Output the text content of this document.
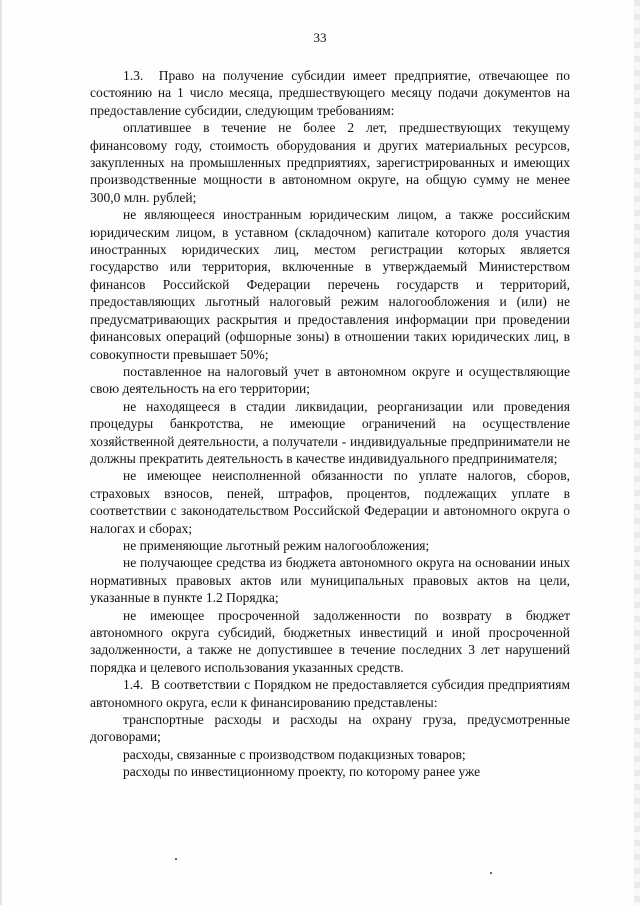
33

1.3.  Право на получение субсидии имеет предприятие, отвечающее по состоянию на 1 число месяца, предшествующего месяцу подачи документов на предоставление субсидии, следующим требованиям:

оплатившее в течение не более 2 лет, предшествующих текущему финансовому году, стоимость оборудования и других материальных ресурсов, закупленных на промышленных предприятиях, зарегистрированных и имеющих производственные мощности в автономном округе, на общую сумму не менее 300,0 млн. рублей;

не являющееся иностранным юридическим лицом, а также российским юридическим лицом, в уставном (складочном) капитале которого доля участия иностранных юридических лиц, местом регистрации которых является государство или территория, включенные в утверждаемый Министерством финансов Российской Федерации перечень государств и территорий, предоставляющих льготный налоговый режим налогообложения и (или) не предусматривающих раскрытия и предоставления информации при проведении финансовых операций (офшорные зоны) в отношении таких юридических лиц, в совокупности превышает 50%;

поставленное на налоговый учет в автономном округе и осуществляющие свою деятельность на его территории;

не находящееся в стадии ликвидации, реорганизации или проведения процедуры банкротства, не имеющие ограничений на осуществление хозяйственной деятельности, а получатели - индивидуальные предприниматели не должны прекратить деятельность в качестве индивидуального предпринимателя;

не имеющее неисполненной обязанности по уплате налогов, сборов, страховых взносов, пеней, штрафов, процентов, подлежащих уплате в соответствии с законодательством Российской Федерации и автономного округа о налогах и сборах;

не применяющие льготный режим налогообложения;

не получающее средства из бюджета автономного округа на основании иных нормативных правовых актов или муниципальных правовых актов на цели, указанные в пункте 1.2 Порядка;

не имеющее просроченной задолженности по возврату в бюджет автономного округа субсидий, бюджетных инвестиций и иной просроченной задолженности, а также не допустившее в течение последних 3 лет нарушений порядка и целевого использования указанных средств.

1.4.  В соответствии с Порядком не предоставляется субсидия предприятиям автономного округа, если к финансированию представлены:

транспортные расходы и расходы на охрану груза, предусмотренные договорами;

расходы, связанные с производством подакцизных товаров;

расходы по инвестиционному проекту, по которому ранее уже
